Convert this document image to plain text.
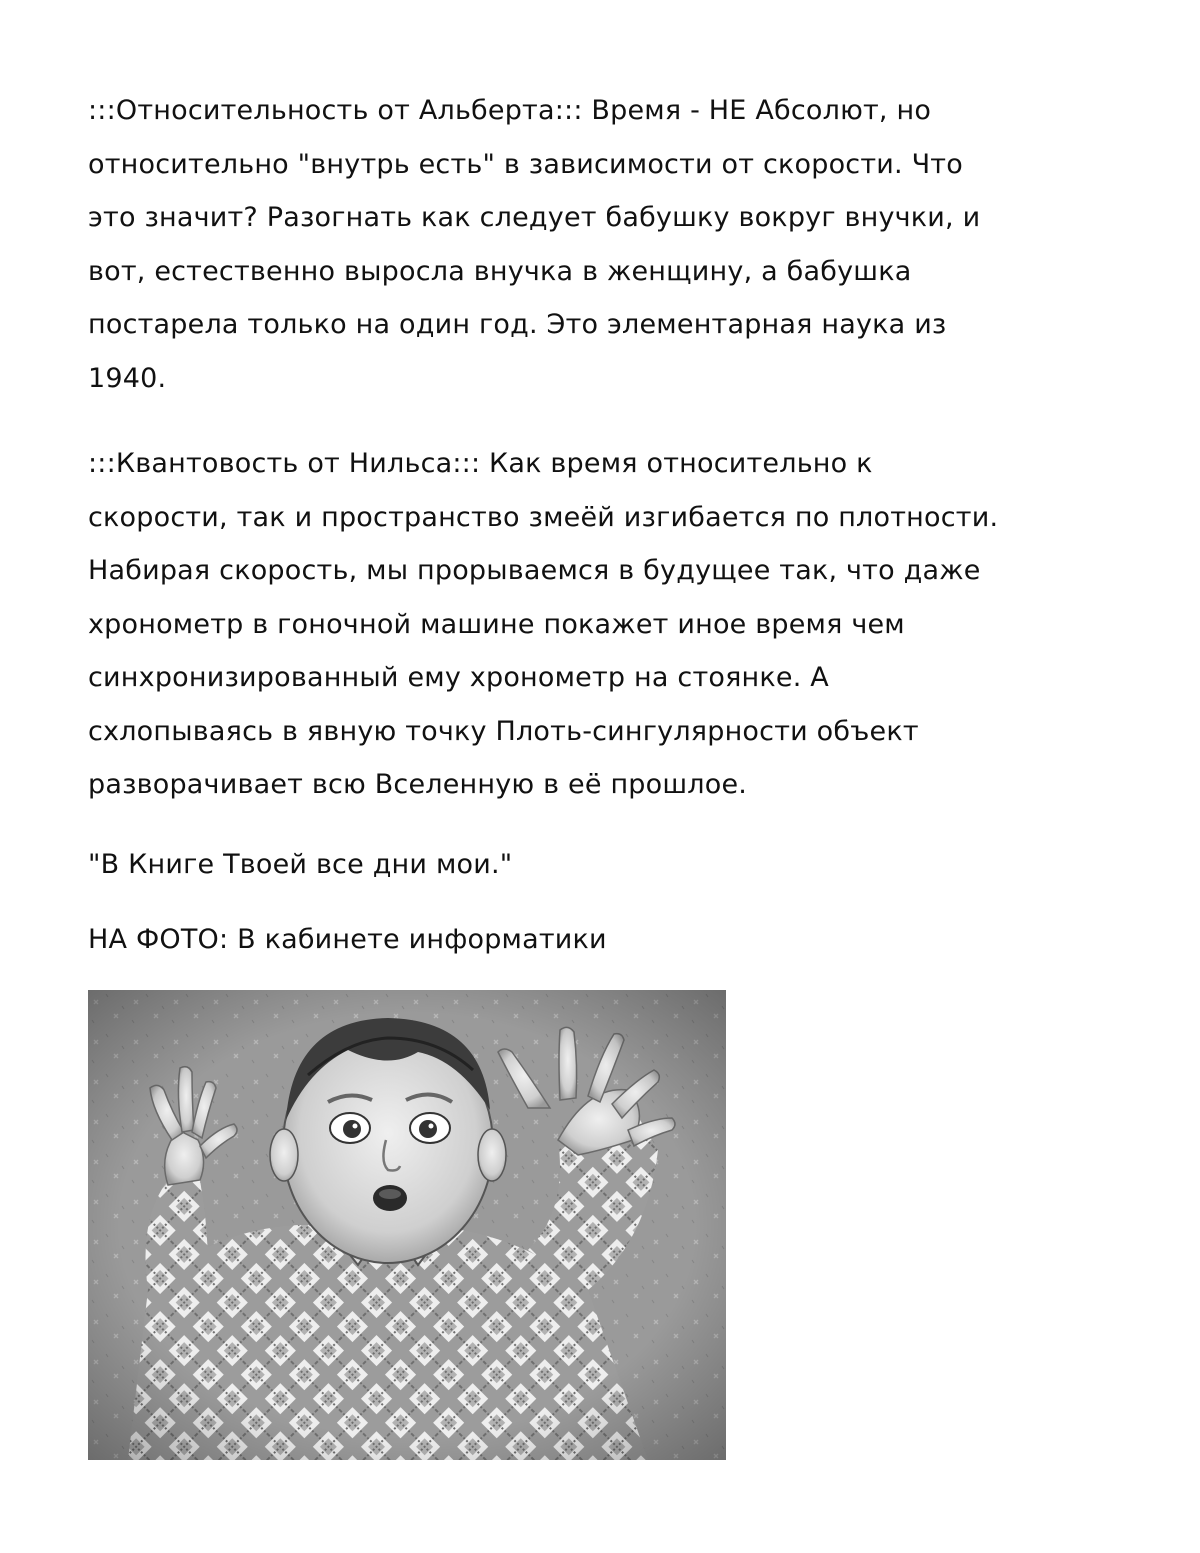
:::Относительность от Альберта::: Время - НЕ Абсолют, но
относительно "внутрь есть" в зависимости от скорости. Что
это значит? Разогнать как следует бабушку вокруг внучки, и
вот, естественно выросла внучка в женщину, а бабушка
постарела только на один год. Это элементарная наука из
1940.

:::Квантовость от Нильса::: Как время относительно к
скорости, так и пространство змеёй изгибается по плотности.
Набирая скорость, мы прорываемся в будущее так, что даже
хронометр в гоночной машине покажет иное время чем
синхронизированный ему хронометр на стоянке. А
схлопываясь в явную точку Плоть-сингулярности объект
разворачивает всю Вселенную в её прошлое.

"В Книге Твоей все дни мои."

НА ФОТО: В кабинете информатики
